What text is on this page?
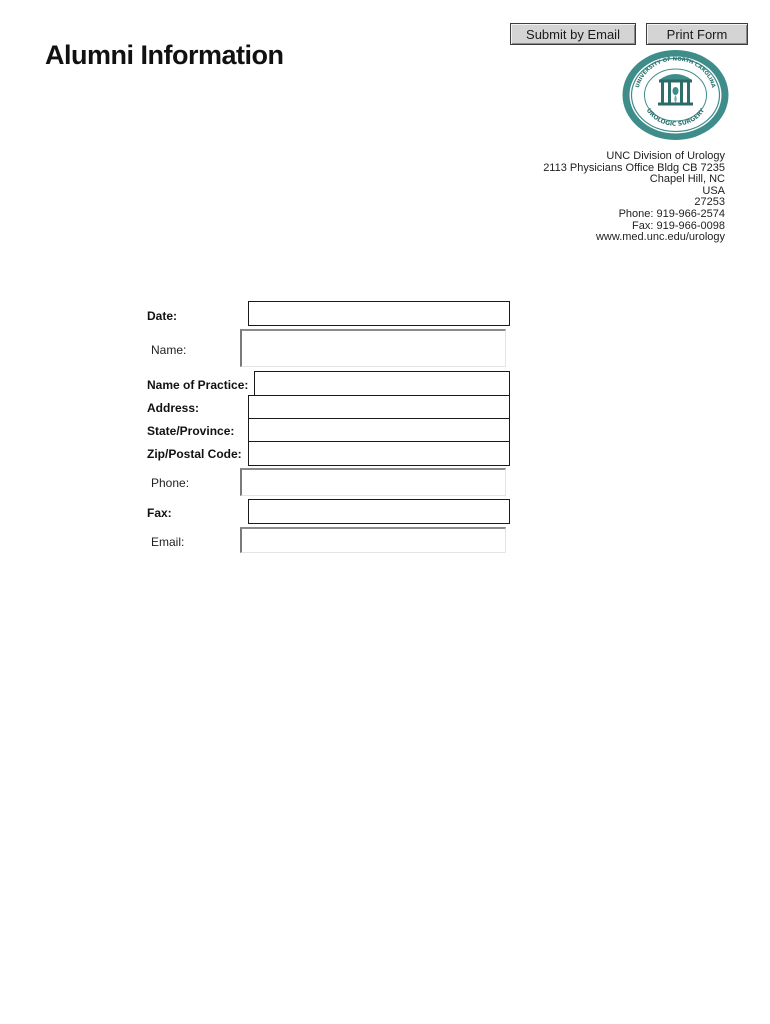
Submit by Email	Print Form
Alumni Information
UNIVERSITY OF NORTH CAROLINA
UROLOGIC SURGERY
UNC Division of Urology
2113 Physicians Office Bldg CB 7235
Chapel Hill, NC
USA
27253
Phone: 919-966-2574
Fax: 919-966-0098
www.med.unc.edu/urology
Date:
Name:
Name of Practice:
Address:
State/Province:
Zip/Postal Code:
Phone:
Fax:
Email:
